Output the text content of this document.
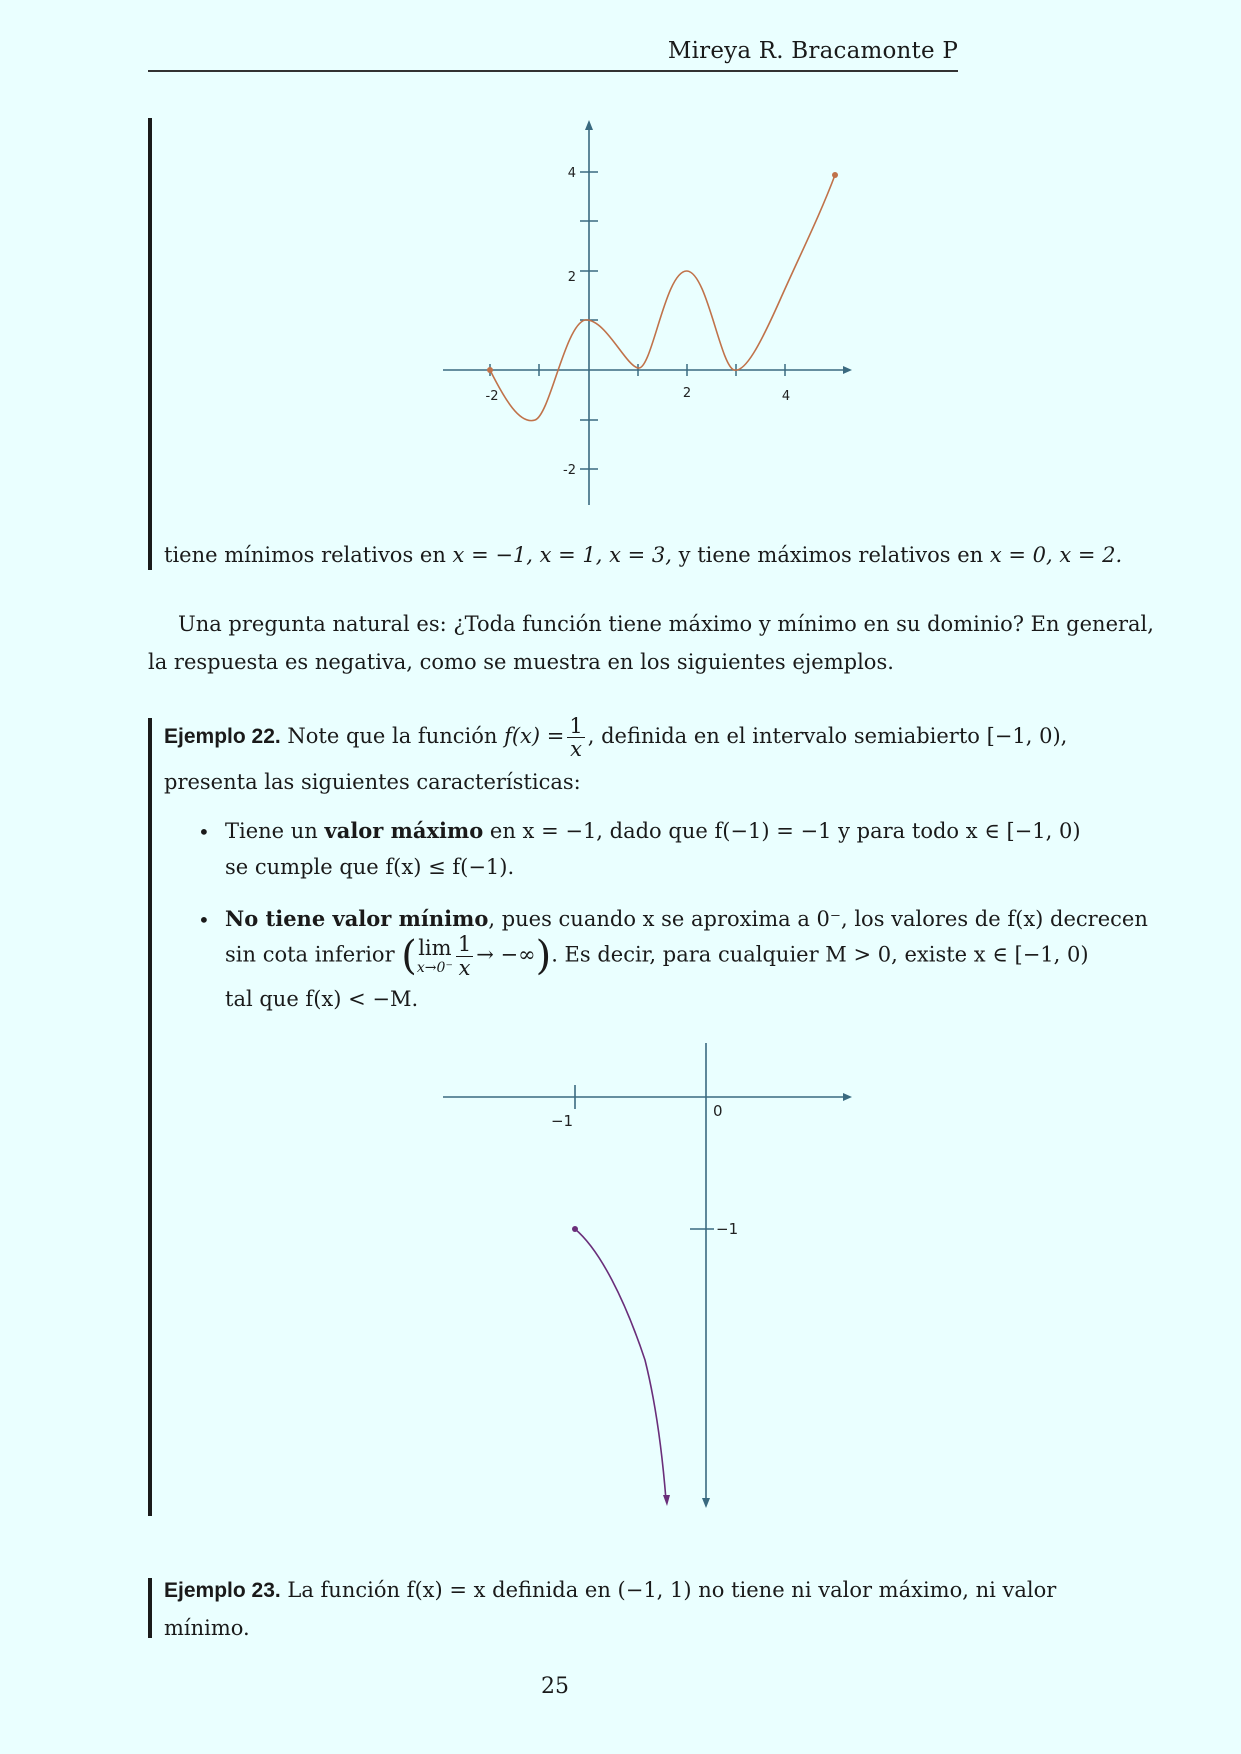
Mireya R. Bracamonte P
-2	2	4
4
2
-2
tiene mínimos relativos en x = −1, x = 1, x = 3, y tiene máximos relativos en x = 0, x = 2.
Una pregunta natural es: ¿Toda función tiene máximo y mínimo en su dominio? En general,
la respuesta es negativa, como se muestra en los siguientes ejemplos.
Ejemplo 22. Note que la función $f(x) = \frac{1}{x}$ , definida en el intervalo semiabierto [−1, 0),
presenta las siguientes características:
• Tiene un valor máximo en x = −1, dado que f(−1) = −1 y para todo x ∈ [−1, 0)
se cumple que f(x) ≤ f(−1).
• No tiene valor mínimo, pues cuando x se aproxima a 0⁻, los valores de f(x) decrecen
sin cota inferior (lim
$x\to 0^- \frac{1}{x}$ → −∞). Es decir, para cualquier M > 0, existe x ∈ [−1, 0)
tal que f(x) < −M.
−1
0
−1
Ejemplo 23. La función f(x) = x definida en (−1, 1) no tiene ni valor máximo, ni valor
mínimo.
25
